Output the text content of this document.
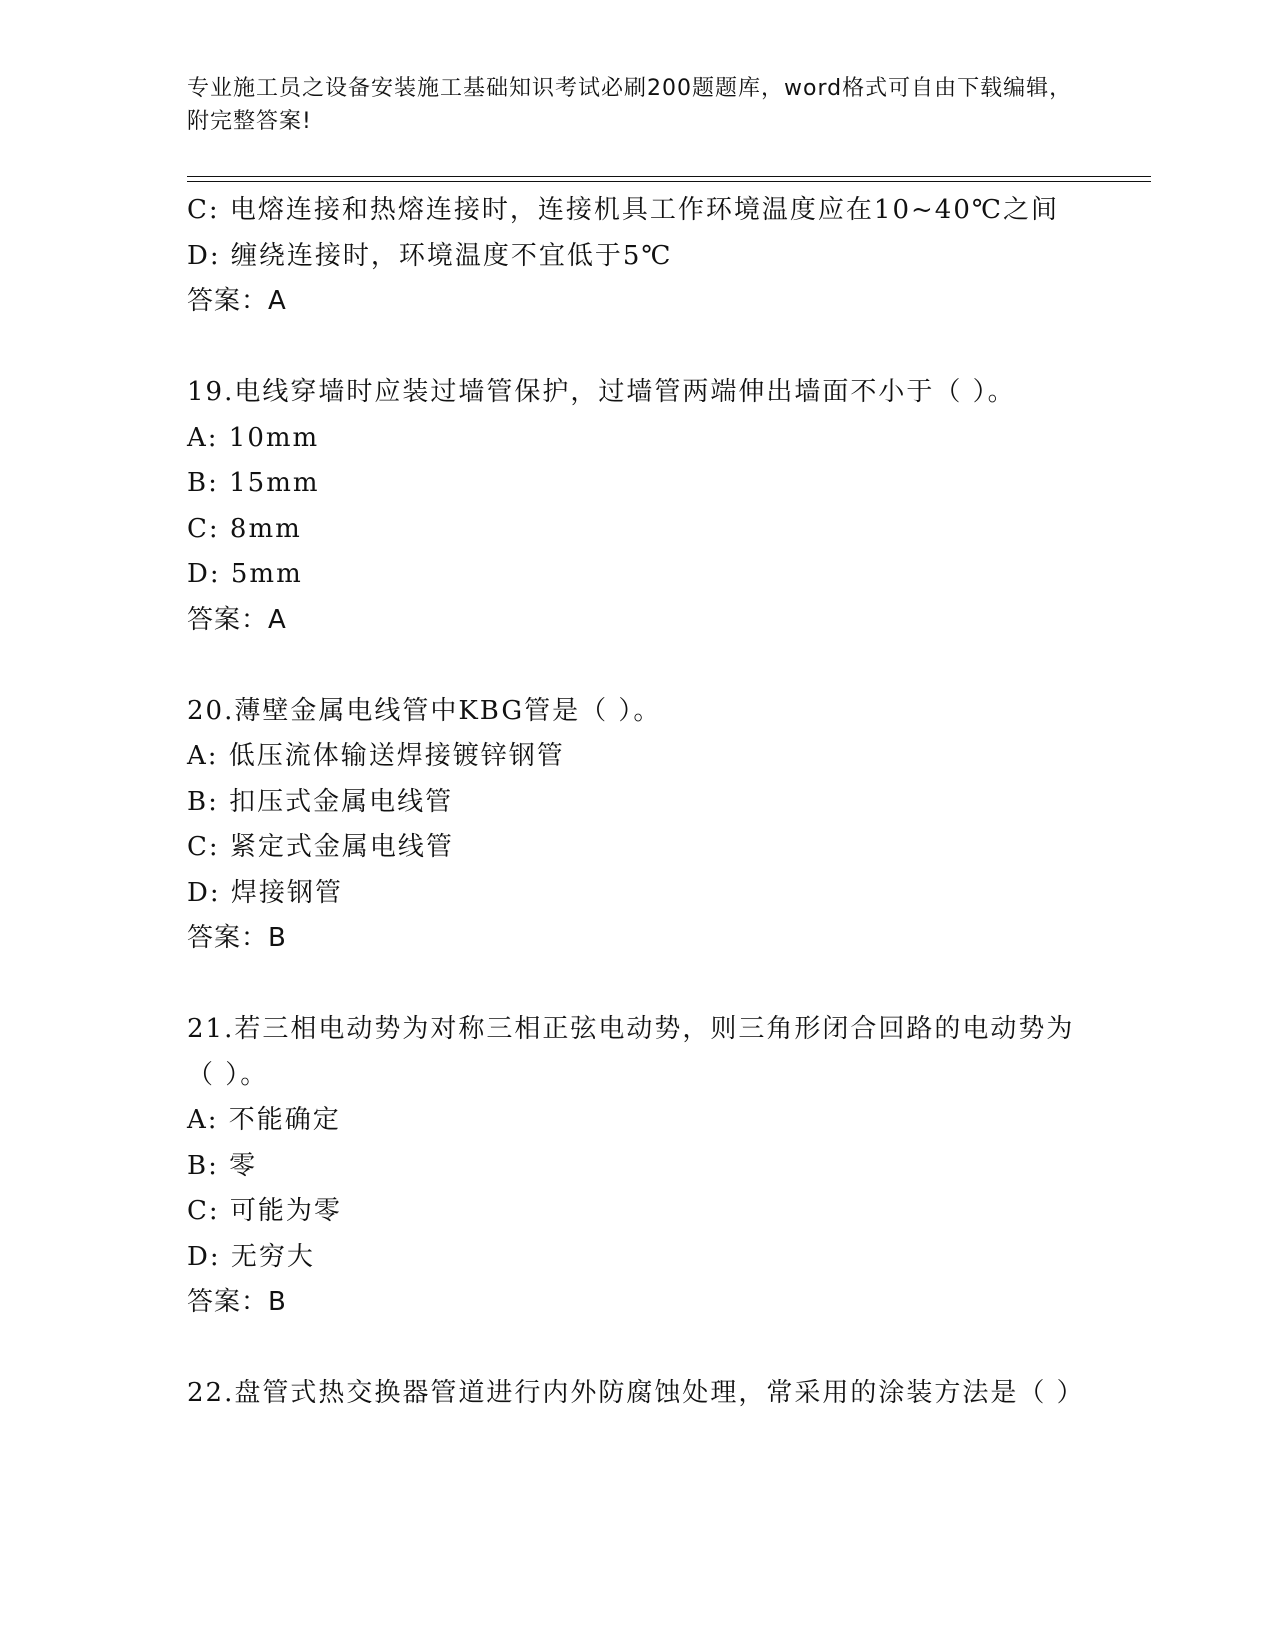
专业施工员之设备安装施工基础知识考试必刷200题题库，word格式可自由下载编辑，附完整答案!
C: 电熔连接和热熔连接时，连接机具工作环境温度应在10~40℃之间
D: 缠绕连接时，环境温度不宜低于5℃
答案：A
19.电线穿墙时应装过墙管保护，过墙管两端伸出墙面不小于（ ）。
A: 10mm
B: 15mm
C: 8mm
D: 5mm
答案：A
20.薄壁金属电线管中KBG管是（ ）。
A: 低压流体输送焊接镀锌钢管
B: 扣压式金属电线管
C: 紧定式金属电线管
D: 焊接钢管
答案：B
21.若三相电动势为对称三相正弦电动势，则三角形闭合回路的电动势为（ ）。
A: 不能确定
B: 零
C: 可能为零
D: 无穷大
答案：B
22.盘管式热交换器管道进行内外防腐蚀处理，常采用的涂装方法是（ ）
